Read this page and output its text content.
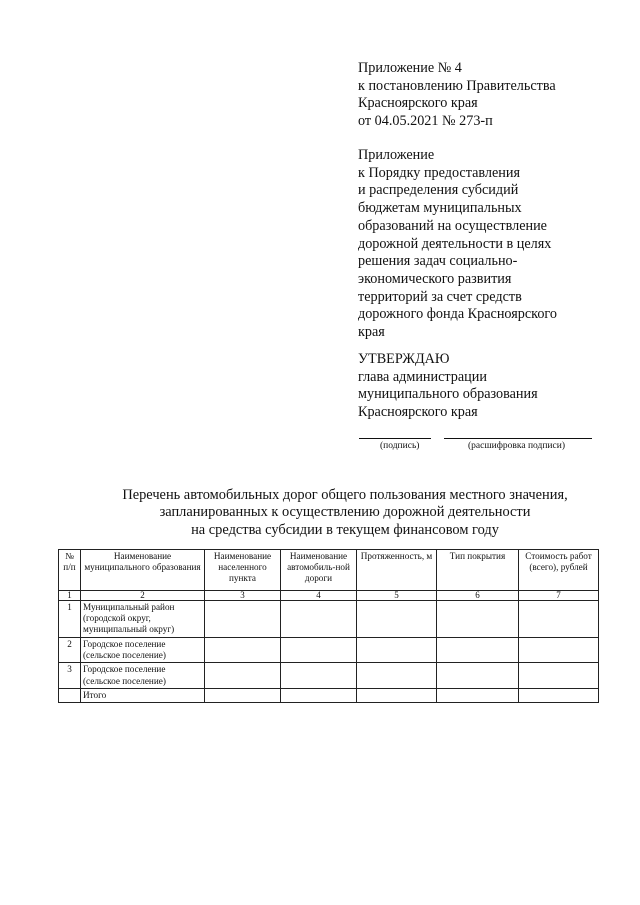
Приложение № 4
к постановлению Правительства
Красноярского края
от 04.05.2021 № 273-п
Приложение
к Порядку предоставления
и распределения субсидий
бюджетам муниципальных
образований на осуществление
дорожной деятельности в целях
решения задач социально-
экономического развития
территорий за счет средств
дорожного фонда Красноярского
края
УТВЕРЖДАЮ
глава администрации
муниципального образования
Красноярского края
(подпись)	(расшифровка подписи)
Перечень автомобильных дорог общего пользования местного значения,
запланированных к осуществлению дорожной деятельности
на средства субсидии в текущем финансовом году
№ п/п	Наименование муниципального образования	Наименование населенного пункта	Наименование автомобиль-ной дороги	Протяженность, м	Тип покрытия	Стоимость работ (всего), рублей
1	2	3	4	5	6	7
1	Муниципальный район (городской округ, муниципальный округ)					
2	Городское поселение (сельское поселение)					
3	Городское поселение (сельское поселение)					
	Итого					
